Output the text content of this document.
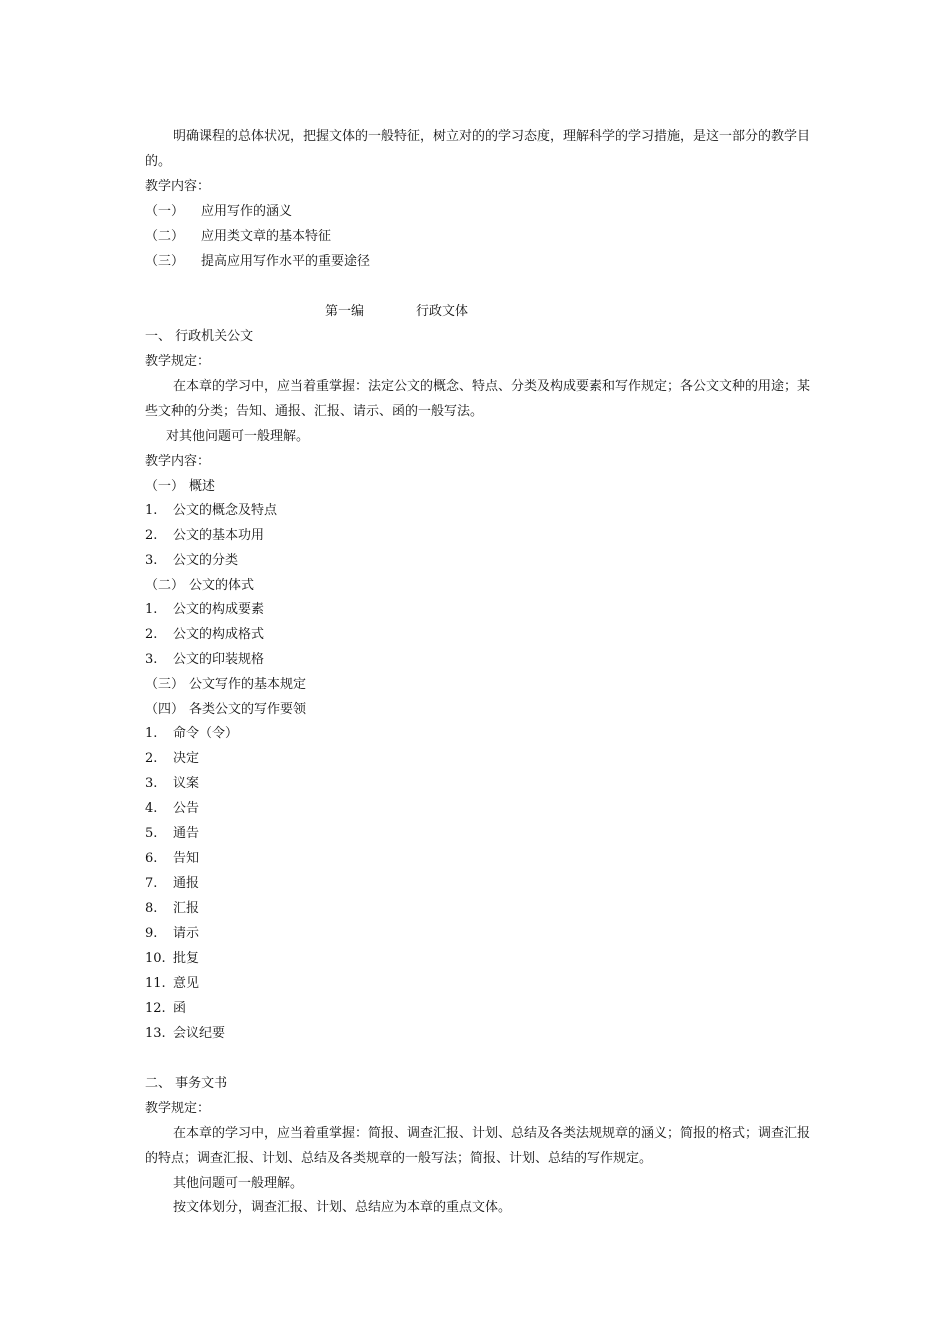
明确课程的总体状况，把握文体的一般特征，树立对的的学习态度，理解科学的学习措施，是这一部分的教学目的。
教学内容：
（一） 应用写作的涵义
（二） 应用类文章的基本特征
（三） 提高应用写作水平的重要途径
第一编	行政文体
一、 行政机关公文
教学规定：
在本章的学习中，应当着重掌握：法定公文的概念、特点、分类及构成要素和写作规定；各公文文种的用途；某些文种的分类；告知、通报、汇报、请示、函的一般写法。
对其他问题可一般理解。
教学内容：
（一） 概述
1. 公文的概念及特点
2. 公文的基本功用
3. 公文的分类
（二） 公文的体式
1. 公文的构成要素
2. 公文的构成格式
3. 公文的印装规格
（三） 公文写作的基本规定
（四） 各类公文的写作要领
1. 命令（令）
2. 决定
3. 议案
4. 公告
5. 通告
6. 告知
7. 通报
8. 汇报
9. 请示
10. 批复
11. 意见
12. 函
13. 会议纪要
二、 事务文书
教学规定：
在本章的学习中，应当着重掌握：简报、调查汇报、计划、总结及各类法规规章的涵义；简报的格式；调查汇报的特点；调查汇报、计划、总结及各类规章的一般写法；简报、计划、总结的写作规定。
其他问题可一般理解。
按文体划分，调查汇报、计划、总结应为本章的重点文体。
